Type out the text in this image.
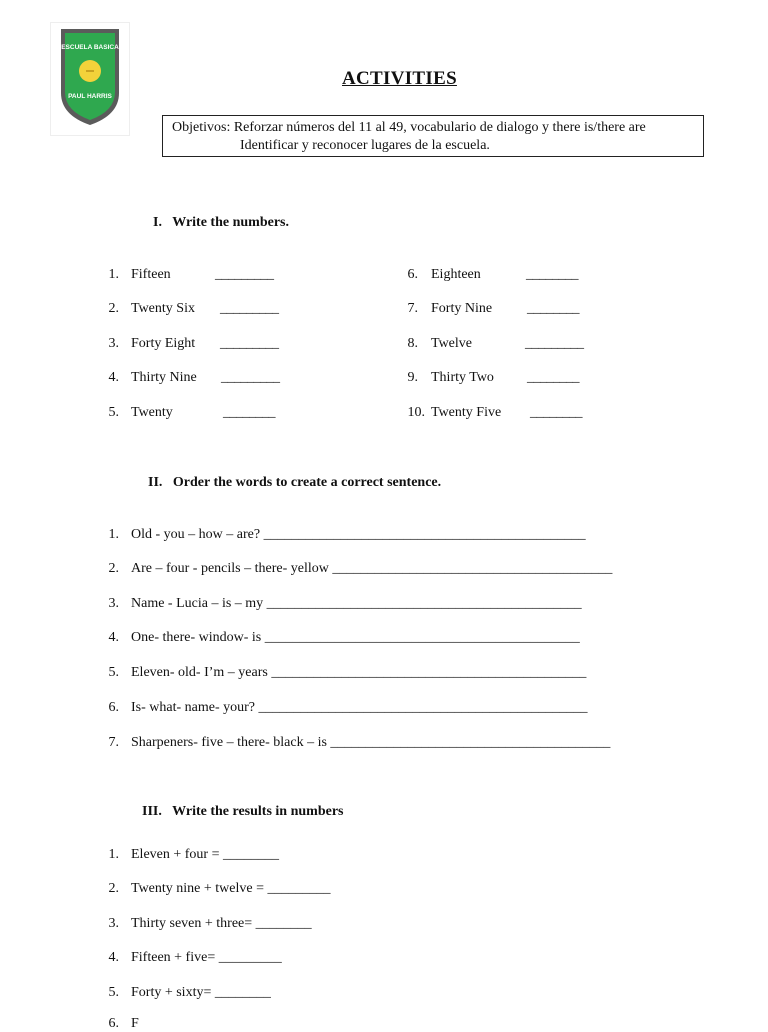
ESCUELA BASICA
PAUL HARRIS
ACTIVITIES
Objetivos: Reforzar números del 11 al 49, vocabulario de dialogo y there is/there are
Identificar y reconocer lugares de la escuela.
I. Write the numbers.
1. Fifteen	_________
2. Twenty Six _________
3. Forty Eight _________
4. Thirty Nine _________
5. Twenty	________
6. Eighteen	________
7. Forty Nine ________
8. Twelve	_________
9. Thirty Two ________
10. Twenty Five ________
II. Order the words to create a correct sentence.
1. Old - you – how – are? ______________________________________________
2. Are – four - pencils – there- yellow ________________________________________
3. Name - Lucia – is – my _____________________________________________
4. One- there- window- is _____________________________________________
5. Eleven- old- I’m – years _____________________________________________
6. Is- what- name- your? _______________________________________________
7. Sharpeners- five – there- black – is ________________________________________
III. Write the results in numbers
1. Eleven + four = ________
2. Twenty nine + twelve = _________
3. Thirty seven + three= ________
4. Fifteen + five= _________
5. Forty + sixty= ________
6. F
